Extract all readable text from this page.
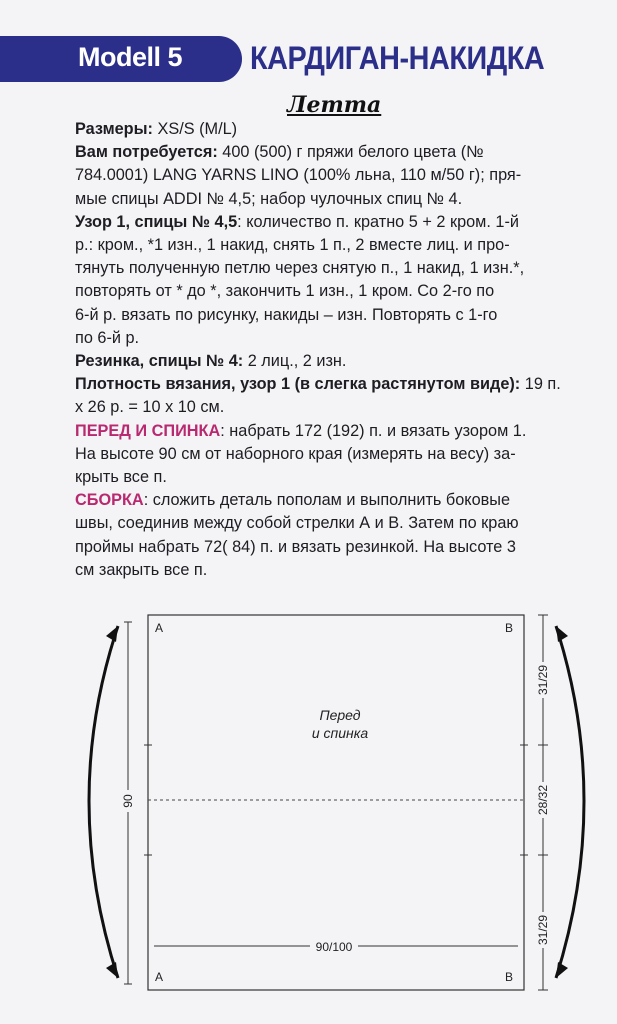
Modell 5 КАРДИГАН-НАКИДКА
Летта
Размеры: XS/S (M/L)
Вам потребуется: 400 (500) г пряжи белого цвета (№
784.0001) LANG YARNS LINO (100% льна, 110 м/50 г); пря-
мые спицы ADDI № 4,5; набор чулочных спиц № 4.
Узор 1, спицы № 4,5: количество п. кратно 5 + 2 кром. 1-й
р.: кром., *1 изн., 1 накид, снять 1 п., 2 вместе лиц. и про-
тянуть полученную петлю через снятую п., 1 накид, 1 изн.*,
повторять от * до *, закончить 1 изн., 1 кром. Со 2-го по
6-й р. вязать по рисунку, накиды – изн. Повторять с 1-го
по 6-й р.
Резинка, спицы № 4: 2 лиц., 2 изн.
Плотность вязания, узор 1 (в слегка растянутом виде): 19 п.
х 26 р. = 10 х 10 см.
ПЕРЕД И СПИНКА: набрать 172 (192) п. и вязать узором 1.
На высоте 90 см от наборного края (измерять на весу) за-
крыть все п.
СБОРКА: сложить деталь пополам и выполнить боковые
швы, соединив между собой стрелки А и В. Затем по краю
проймы набрать 72( 84) п. и вязать резинкой. На высоте 3
см закрыть все п.
A	B
A	B
Перед
и спинка
90
90/100
31/29
28/32
31/29
